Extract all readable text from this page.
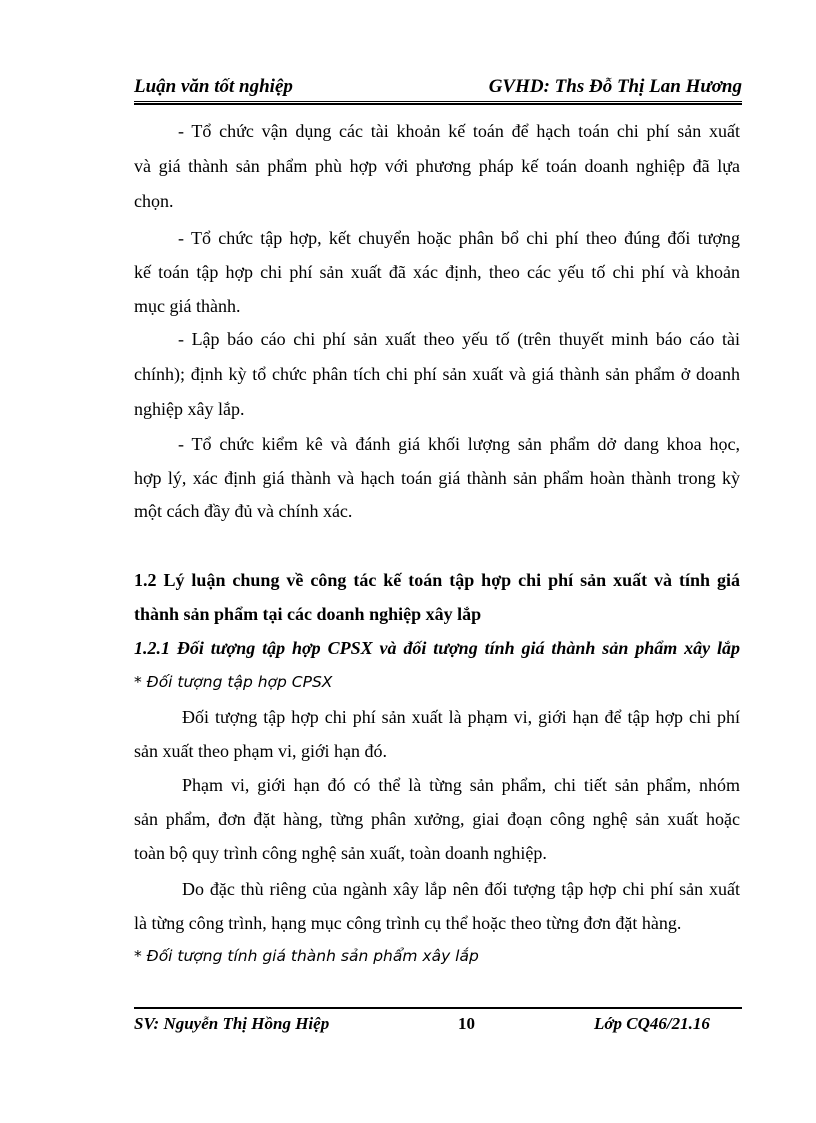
Luận văn tốt nghiệp	GVHD: Ths Đỗ Thị Lan Hương
- Tổ chức vận dụng các tài khoản kế toán để hạch toán chi phí sản xuất
và giá thành sản phẩm phù hợp với phương pháp kế toán doanh nghiệp đã lựa
chọn.
- Tổ chức tập hợp, kết chuyển hoặc phân bổ chi phí theo đúng đối tượng
kế toán tập hợp chi phí sản xuất đã xác định, theo các yếu tố chi phí và khoản
mục giá thành.
- Lập báo cáo chi phí sản xuất theo yếu tố (trên thuyết minh báo cáo tài
chính); định kỳ tổ chức phân tích chi phí sản xuất và giá thành sản phẩm ở doanh
nghiệp xây lắp.
- Tổ chức kiểm kê và đánh giá khối lượng sản phẩm dở dang khoa học,
hợp lý, xác định giá thành và hạch toán giá thành sản phẩm hoàn thành trong kỳ
một cách đầy đủ và chính xác.
1.2 Lý luận chung về công tác kế toán tập hợp chi phí sản xuất và tính giá
thành sản phẩm tại các doanh nghiệp xây lắp
1.2.1 Đối tượng tập hợp CPSX và đối tượng tính giá thành sản phẩm xây lắp
* Đối tượng tập hợp CPSX
Đối tượng tập hợp chi phí sản xuất là phạm vi, giới hạn để tập hợp chi phí
sản xuất theo phạm vi, giới hạn đó.
Phạm vi, giới hạn đó có thể là từng sản phẩm, chi tiết sản phẩm, nhóm
sản phẩm, đơn đặt hàng, từng phân xưởng, giai đoạn công nghệ sản xuất hoặc
toàn bộ quy trình công nghệ sản xuất, toàn doanh nghiệp.
Do đặc thù riêng của ngành xây lắp nên đối tượng tập hợp chi phí sản xuất
là từng công trình, hạng mục công trình cụ thể hoặc theo từng đơn đặt hàng.
* Đối tượng tính giá thành sản phẩm xây lắp
SV: Nguyễn Thị Hồng Hiệp	10	Lớp CQ46/21.16
